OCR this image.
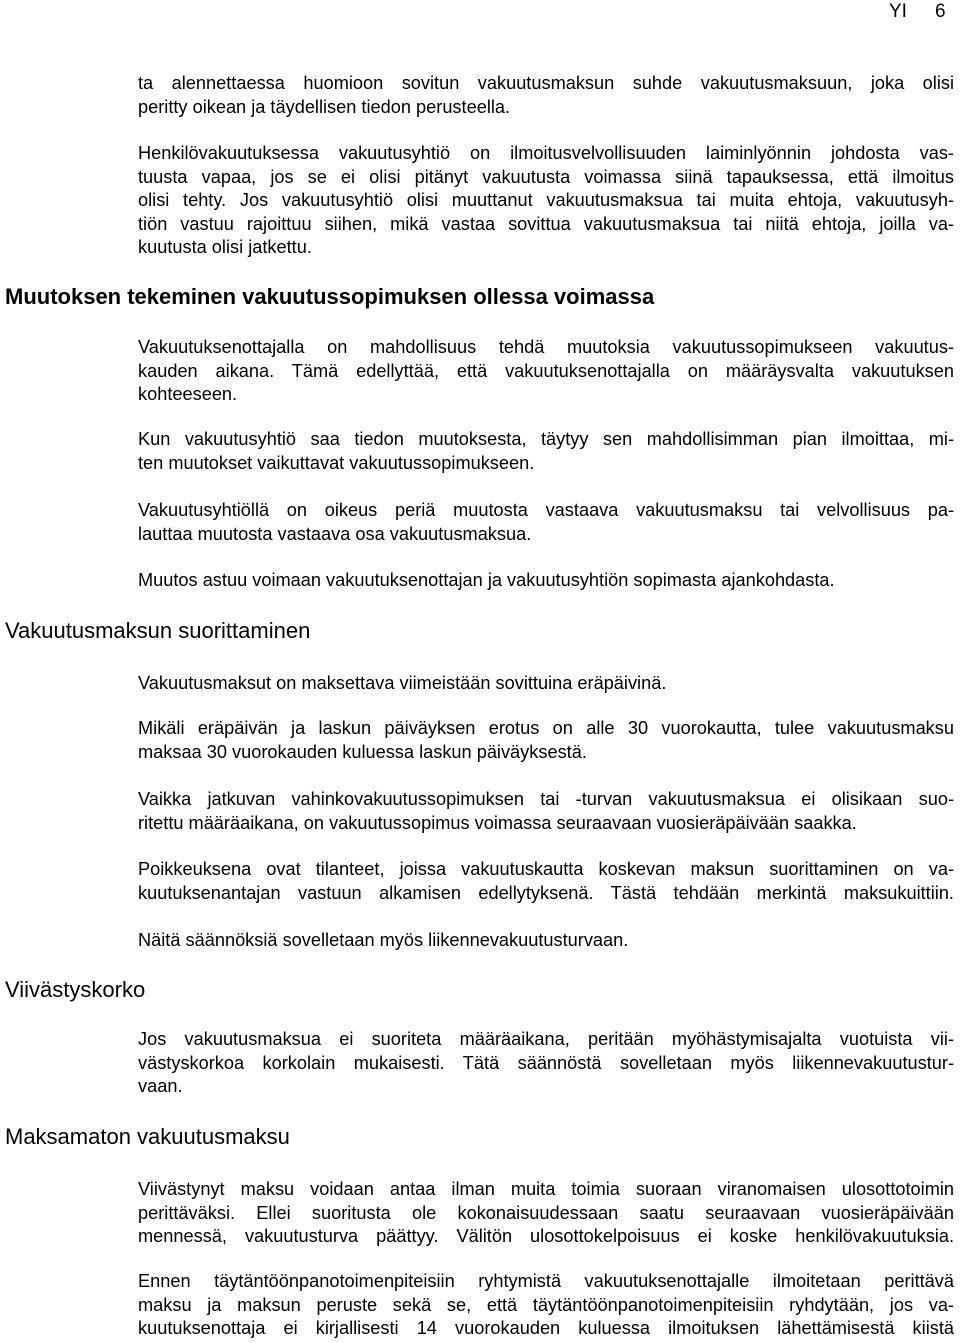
YI 6

ta alennettaessa huomioon sovitun vakuutusmaksun suhde vakuutusmaksuun, joka olisi
peritty oikean ja täydellisen tiedon perusteella.

Henkilövakuutuksessa vakuutusyhtiö on ilmoitusvelvollisuuden laiminlyönnin johdosta vas-
tuusta vapaa, jos se ei olisi pitänyt vakuutusta voimassa siinä tapauksessa, että ilmoitus
olisi tehty. Jos vakuutusyhtiö olisi muuttanut vakuutusmaksua tai muita ehtoja, vakuutusyh-
tiön vastuu rajoittuu siihen, mikä vastaa sovittua vakuutusmaksua tai niitä ehtoja, joilla va-
kuutusta olisi jatkettu.

Muutoksen tekeminen vakuutussopimuksen ollessa voimassa

Vakuutuksenottajalla on mahdollisuus tehdä muutoksia vakuutussopimukseen vakuutus-
kauden aikana. Tämä edellyttää, että vakuutuksenottajalla on määräysvalta vakuutuksen
kohteeseen.

Kun vakuutusyhtiö saa tiedon muutoksesta, täytyy sen mahdollisimman pian ilmoittaa, mi-
ten muutokset vaikuttavat vakuutussopimukseen.

Vakuutusyhtiöllä on oikeus periä muutosta vastaava vakuutusmaksu tai velvollisuus pa-
lauttaa muutosta vastaava osa vakuutusmaksua.

Muutos astuu voimaan vakuutuksenottajan ja vakuutusyhtiön sopimasta ajankohdasta.

Vakuutusmaksun suorittaminen

Vakuutusmaksut on maksettava viimeistään sovittuina eräpäivinä.

Mikäli eräpäivän ja laskun päiväyksen erotus on alle 30 vuorokautta, tulee vakuutusmaksu
maksaa 30 vuorokauden kuluessa laskun päiväyksestä.

Vaikka jatkuvan vahinkovakuutussopimuksen tai -turvan vakuutusmaksua ei olisikaan suo-
ritettu määräaikana, on vakuutussopimus voimassa seuraavaan vuosieräpäivään saakka.

Poikkeuksena ovat tilanteet, joissa vakuutuskautta koskevan maksun suorittaminen on va-
kuutuksenantajan vastuun alkamisen edellytyksenä. Tästä tehdään merkintä maksukuittiin.

Näitä säännöksiä sovelletaan myös liikennevakuutusturvaan.

Viivästyskorko

Jos vakuutusmaksua ei suoriteta määräaikana, peritään myöhästymisajalta vuotuista vii-
västyskorkoa korkolain mukaisesti. Tätä säännöstä sovelletaan myös liikennevakuutustur-
vaan.

Maksamaton vakuutusmaksu

Viivästynyt maksu voidaan antaa ilman muita toimia suoraan viranomaisen ulosottotoimin
perittäväksi. Ellei suoritusta ole kokonaisuudessaan saatu seuraavaan vuosieräpäivään
mennessä, vakuutusturva päättyy. Välitön ulosottokelpoisuus ei koske henkilövakuutuksia.

Ennen täytäntöönpanotoimenpiteisiin ryhtymistä vakuutuksenottajalle ilmoitetaan perittävä
maksu ja maksun peruste sekä se, että täytäntöönpanotoimenpiteisiin ryhdytään, jos va-
kuutuksenottaja ei kirjallisesti 14 vuorokauden kuluessa ilmoituksen lähettämisestä kiistä
